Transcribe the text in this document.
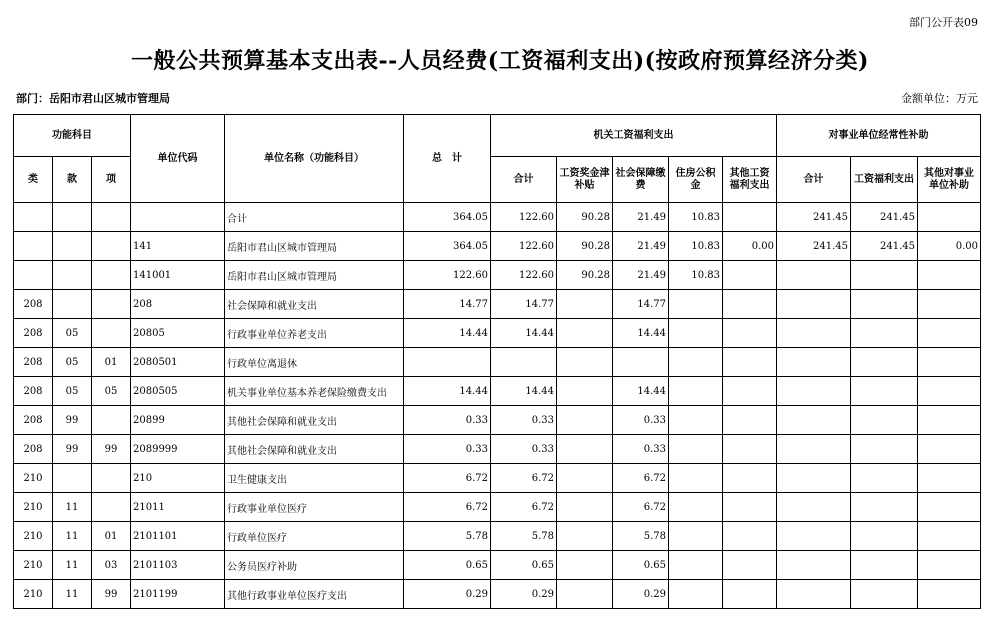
部门公开表09
一般公共预算基本支出表--人员经费(工资福利支出)(按政府预算经济分类)
部门：岳阳市君山区城市管理局	金额单位：万元
功能科目			单位代码	单位名称（功能科目）	总　计	机关工资福利支出					对事业单位经常性补助		
类	款	项				合计	工资奖金津补贴	社会保障缴费	住房公积金	其他工资福利支出	合计	工资福利支出	其他对事业单位补助
				合计	364.05	122.60	90.28	21.49	10.83		241.45	241.45	
			141	岳阳市君山区城市管理局	364.05	122.60	90.28	21.49	10.83	0.00	241.45	241.45	0.00
			141001	岳阳市君山区城市管理局	122.60	122.60	90.28	21.49	10.83				
208			208	社会保障和就业支出	14.77	14.77		14.77					
208	05		20805	行政事业单位养老支出	14.44	14.44		14.44					
208	05	01	2080501	行政单位离退休									
208	05	05	2080505	机关事业单位基本养老保险缴费支出	14.44	14.44		14.44					
208	99		20899	其他社会保障和就业支出	0.33	0.33		0.33					
208	99	99	2089999	其他社会保障和就业支出	0.33	0.33		0.33					
210			210	卫生健康支出	6.72	6.72		6.72					
210	11		21011	行政事业单位医疗	6.72	6.72		6.72					
210	11	01	2101101	行政单位医疗	5.78	5.78		5.78					
210	11	03	2101103	公务员医疗补助	0.65	0.65		0.65					
210	11	99	2101199	其他行政事业单位医疗支出	0.29	0.29		0.29					
